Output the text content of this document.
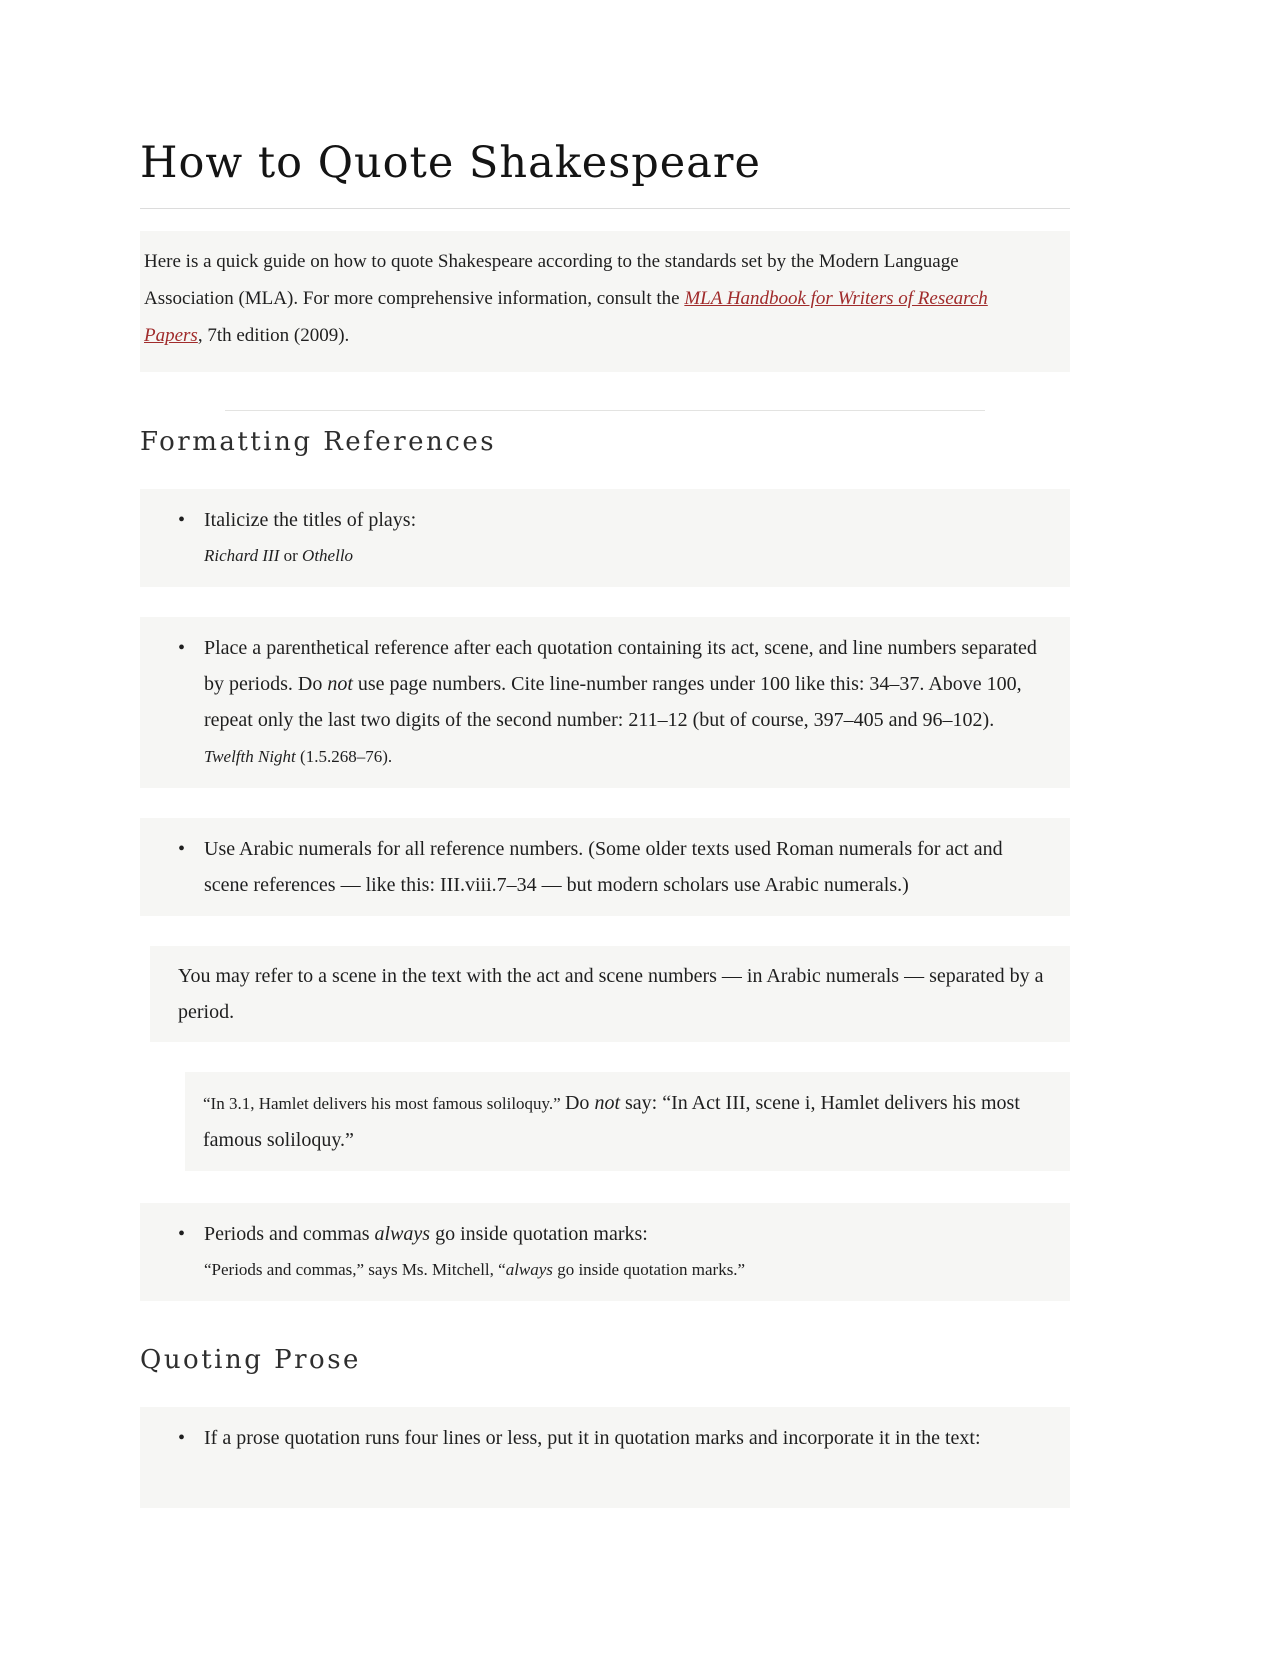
How to Quote Shakespeare

Here is a quick guide on how to quote Shakespeare according to the standards set by the Modern Language Association (MLA). For more comprehensive information, consult the MLA Handbook for Writers of Research Papers, 7th edition (2009).

Formatting References
• Italicize the titles of plays:
Richard III or Othello
• Place a parenthetical reference after each quotation containing its act, scene, and line numbers separated by periods. Do not use page numbers. Cite line-number ranges under 100 like this: 34–37. Above 100, repeat only the last two digits of the second number: 211–12 (but of course, 397–405 and 96–102). Twelfth Night (1.5.268–76).
• Use Arabic numerals for all reference numbers. (Some older texts used Roman numerals for act and scene references — like this: III.viii.7–34 — but modern scholars use Arabic numerals.)

You may refer to a scene in the text with the act and scene numbers — in Arabic numerals — separated by a period.

“In 3.1, Hamlet delivers his most famous soliloquy.” Do not say: “In Act III, scene i, Hamlet delivers his most famous soliloquy.”
• Periods and commas always go inside quotation marks:
“Periods and commas,” says Ms. Mitchell, “always go inside quotation marks.”
Quoting Prose
• If a prose quotation runs four lines or less, put it in quotation marks and incorporate it in the text:
